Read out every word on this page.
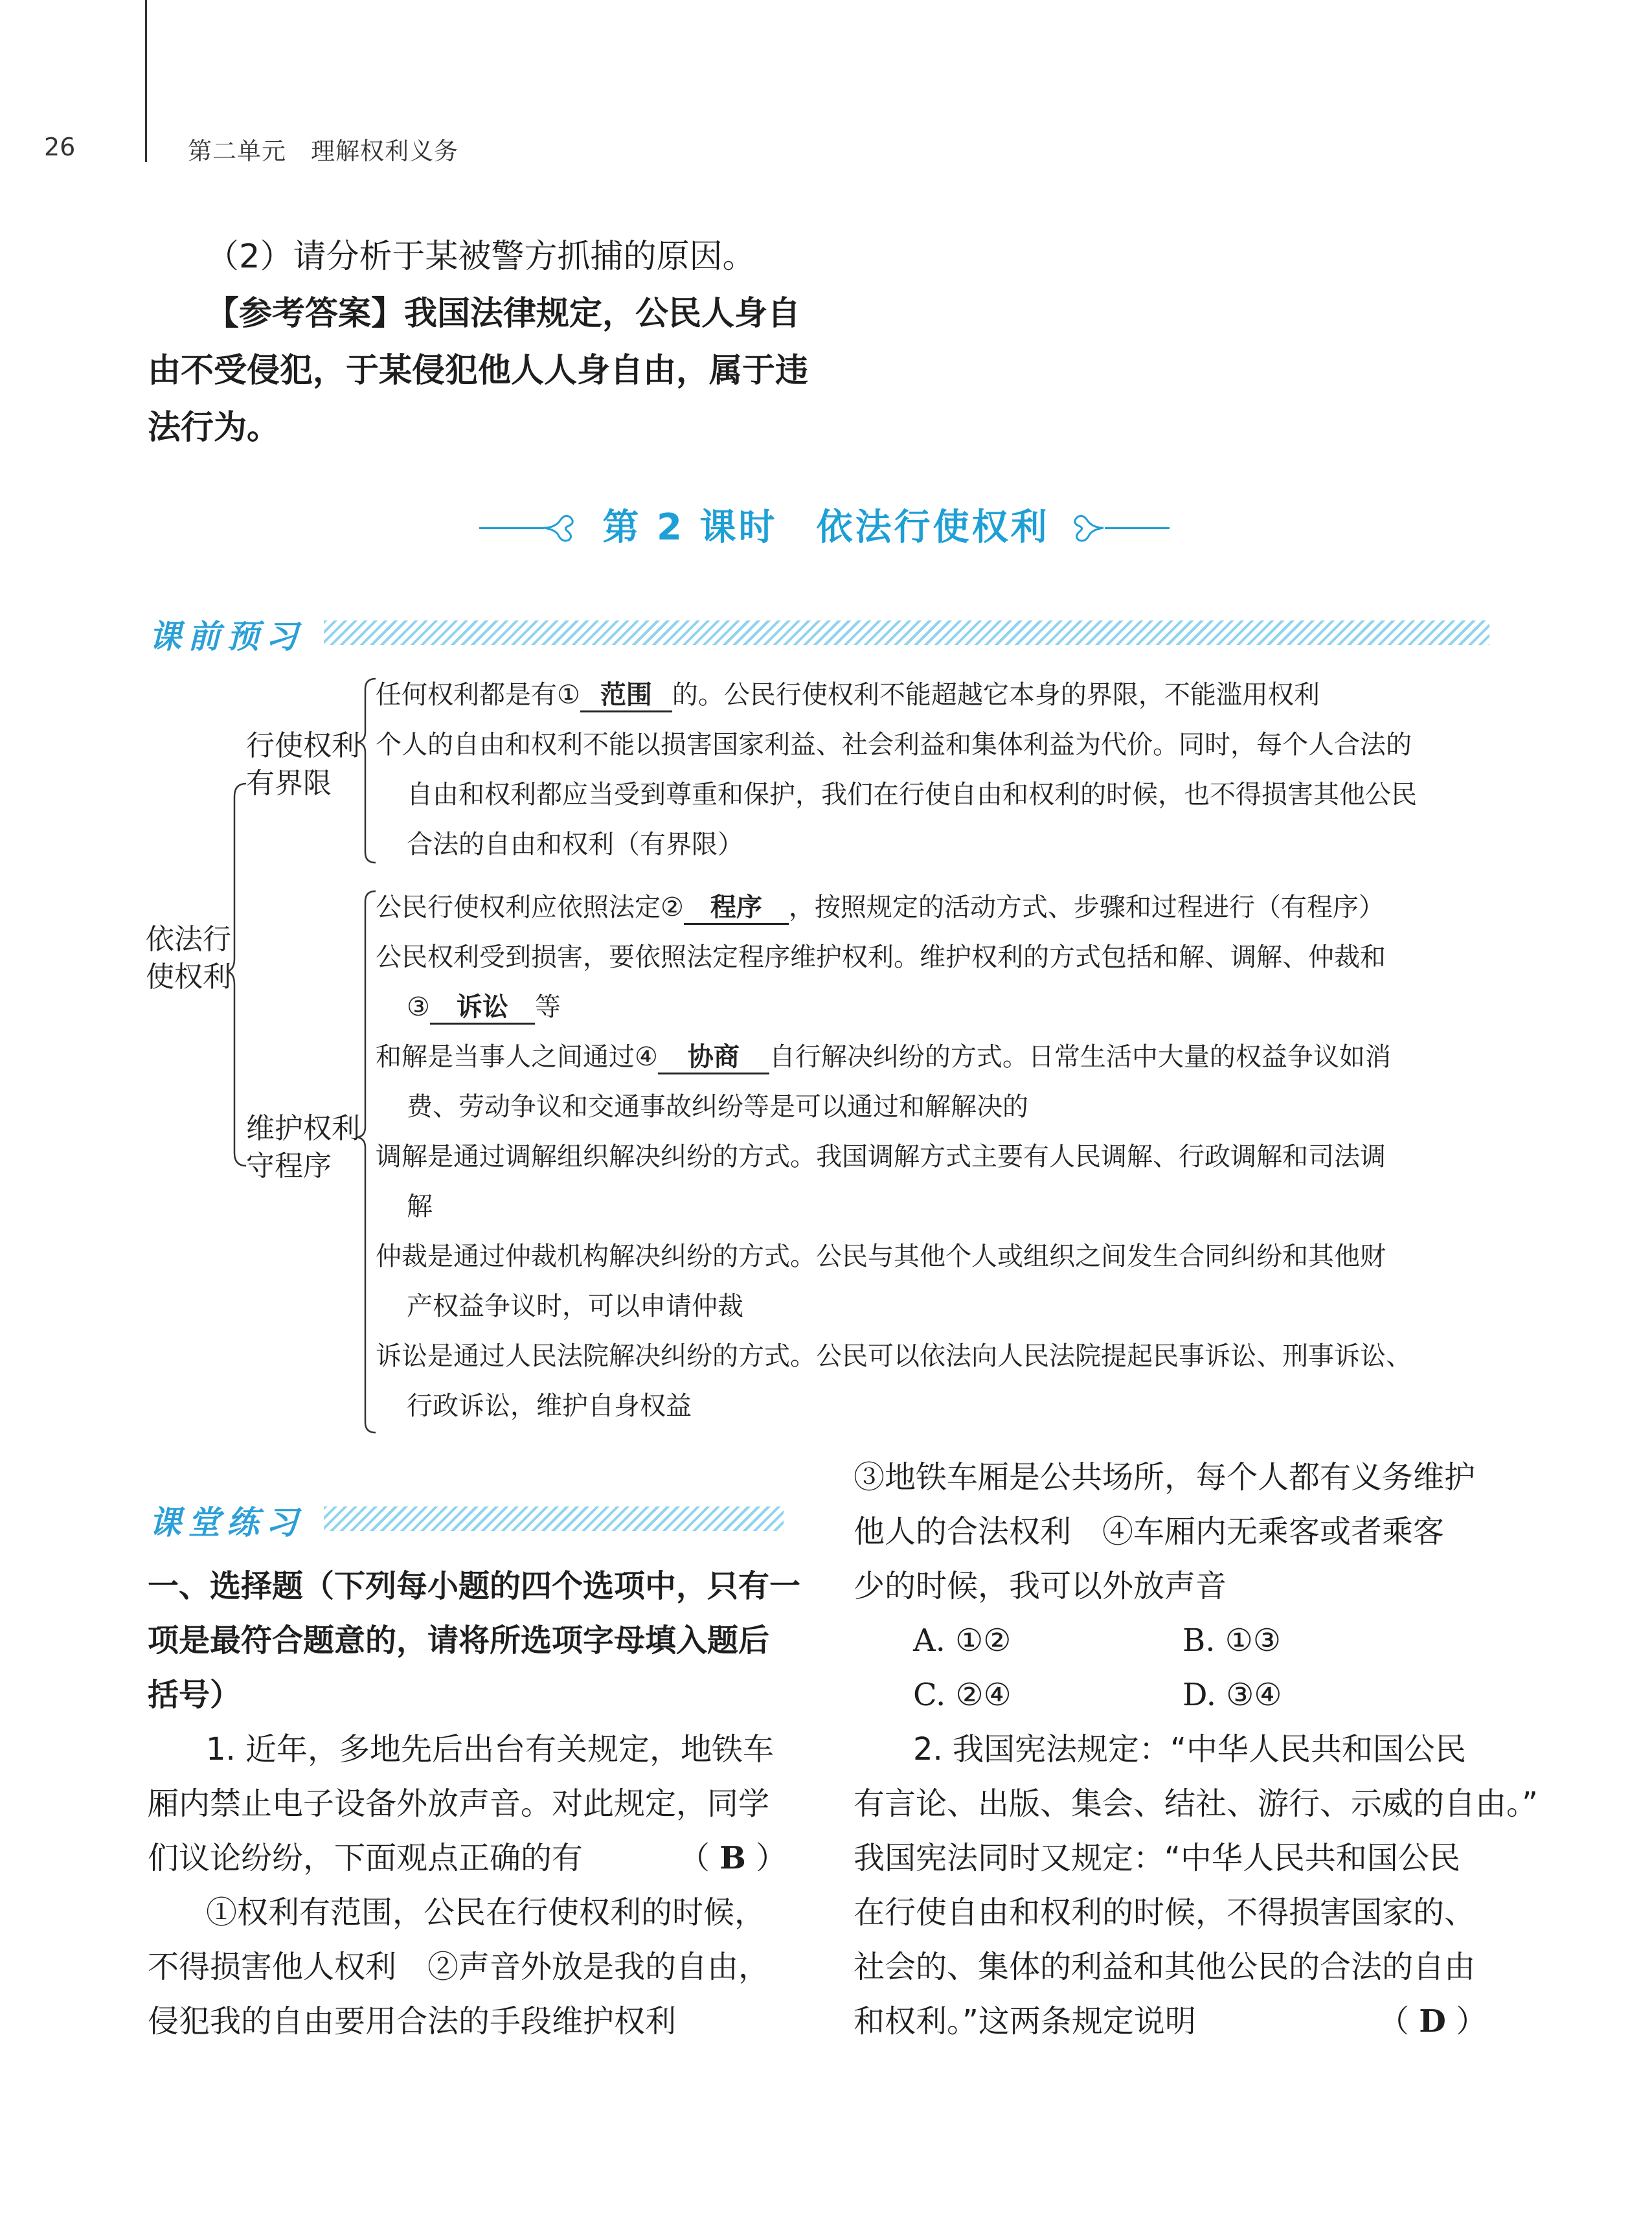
26	第二单元　理解权利义务
（2）请分析于某被警方抓捕的原因。
【参考答案】我国法律规定，公民人身自
由不受侵犯，于某侵犯他人人身自由，属于违
法行为。
第 2 课时　依法行使权利
课前预习
依法行
使权利
行使权利
有界限
维护权利
守程序
任何权利都是有① 范围 的。公民行使权利不能超越它本身的界限，不能滥用权利
个人的自由和权利不能以损害国家利益、社会利益和集体利益为代价。同时，每个人合法的
自由和权利都应当受到尊重和保护，我们在行使自由和权利的时候，也不得损害其他公民
合法的自由和权利（有界限）
公民行使权利应依照法定② 程序 ，按照规定的活动方式、步骤和过程进行（有程序）
公民权利受到损害，要依照法定程序维护权利。维护权利的方式包括和解、调解、仲裁和
③ 诉讼 等
和解是当事人之间通过④ 协商 自行解决纠纷的方式。日常生活中大量的权益争议如消
费、劳动争议和交通事故纠纷等是可以通过和解解决的
调解是通过调解组织解决纠纷的方式。我国调解方式主要有人民调解、行政调解和司法调
解
仲裁是通过仲裁机构解决纠纷的方式。公民与其他个人或组织之间发生合同纠纷和其他财
产权益争议时，可以申请仲裁
诉讼是通过人民法院解决纠纷的方式。公民可以依法向人民法院提起民事诉讼、刑事诉讼、
行政诉讼，维护自身权益
课堂练习
一、选择题（下列每小题的四个选项中，只有一
项是最符合题意的，请将所选项字母填入题后
括号）
1. 近年，多地先后出台有关规定，地铁车
厢内禁止电子设备外放声音。对此规定，同学
们议论纷纷，下面观点正确的有	（ B ）
①权利有范围，公民在行使权利的时候，
不得损害他人权利　②声音外放是我的自由，
侵犯我的自由要用合法的手段维护权利
③地铁车厢是公共场所，每个人都有义务维护
他人的合法权利　④车厢内无乘客或者乘客
少的时候，我可以外放声音
A. ①②	B. ①③
C. ②④	D. ③④
2. 我国宪法规定：“中华人民共和国公民
有言论、出版、集会、结社、游行、示威的自由。”
我国宪法同时又规定：“中华人民共和国公民
在行使自由和权利的时候，不得损害国家的、
社会的、集体的利益和其他公民的合法的自由
和权利。”这两条规定说明	（ D ）
